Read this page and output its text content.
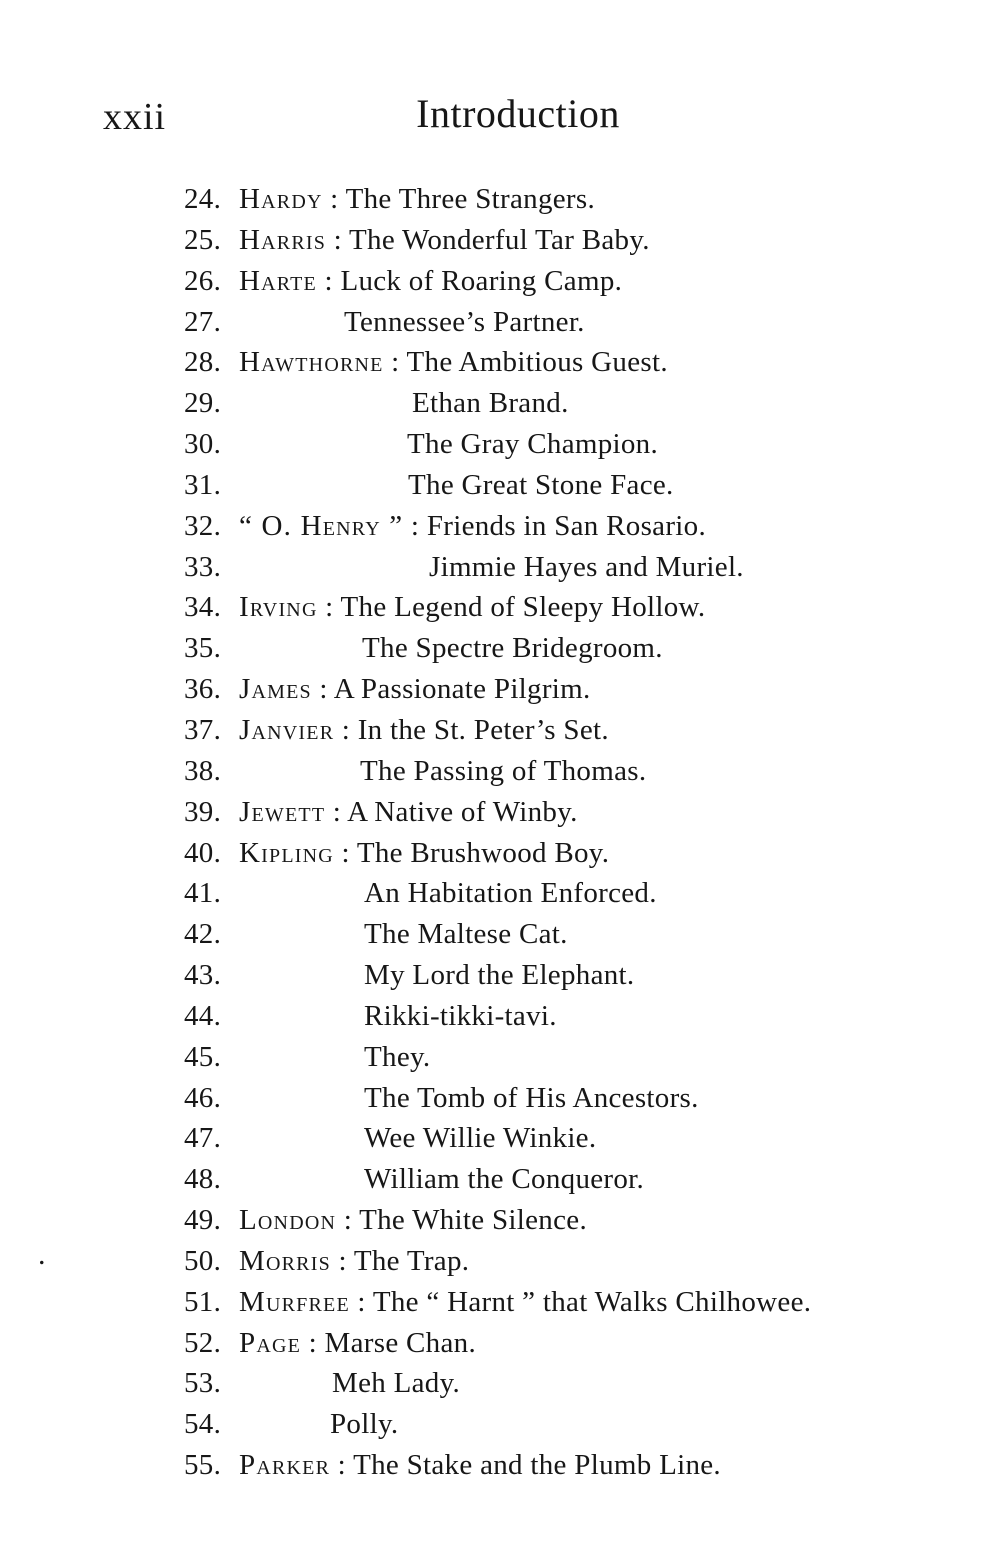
xxii	Introduction
.
24. Hardy : The Three Strangers.
25. Harris : The Wonderful Tar Baby.
26. Harte : Luck of Roaring Camp.
27.	Tennessee’s Partner.
28. Hawthorne : The Ambitious Guest.
29.	Ethan Brand.
30.	The Gray Champion.
31.	The Great Stone Face.
32. “ O. Henry ” : Friends in San Rosario.
33.	Jimmie Hayes and Muriel.
34. Irving : The Legend of Sleepy Hollow.
35.	The Spectre Bridegroom.
36. James : A Passionate Pilgrim.
37. Janvier : In the St. Peter’s Set.
38.	The Passing of Thomas.
39. Jewett : A Native of Winby.
40. Kipling : The Brushwood Boy.
41.	An Habitation Enforced.
42.	The Maltese Cat.
43.	My Lord the Elephant.
44.	Rikki-tikki-tavi.
45.	They.
46.	The Tomb of His Ancestors.
47.	Wee Willie Winkie.
48.	William the Conqueror.
49. London : The White Silence.
50. Morris : The Trap.
51. Murfree : The “ Harnt ” that Walks Chilhowee.
52. Page : Marse Chan.
53.	Meh Lady.
54.	Polly.
55. Parker : The Stake and the Plumb Line.
